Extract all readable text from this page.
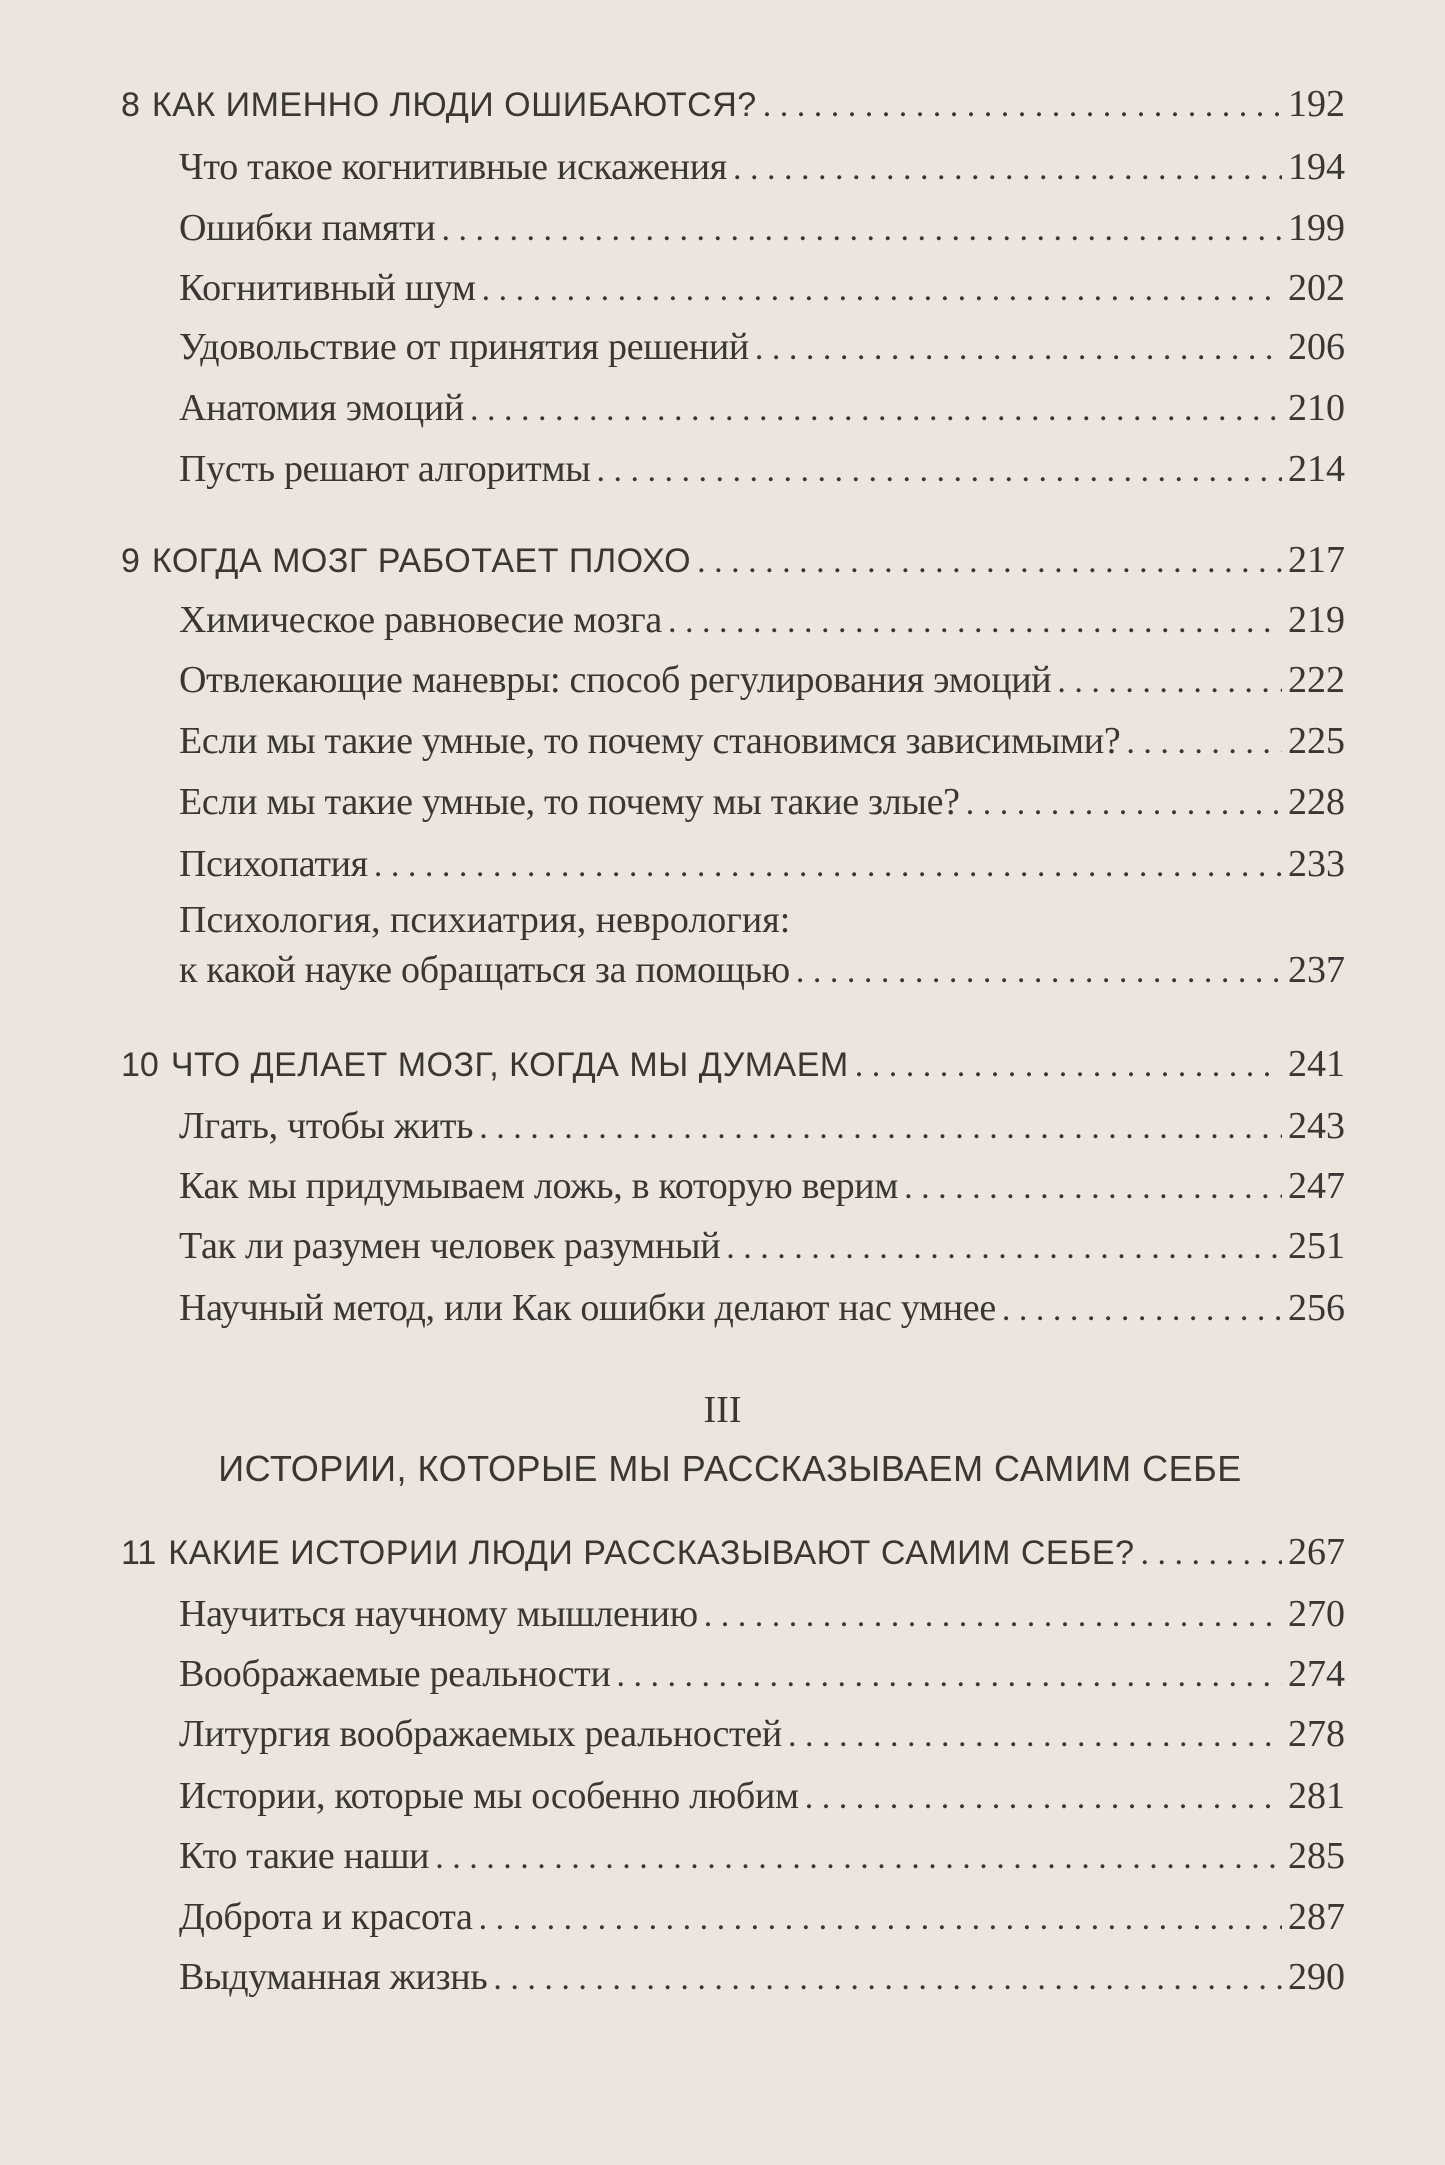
8 КАК ИМЕННО ЛЮДИ ОШИБАЮТСЯ? . . .	192
Что такое когнитивные искажения . . .	194
Ошибки памяти . . .	199
Когнитивный шум . . .	202
Удовольствие от принятия решений . . .	206
Анатомия эмоций . . .	210
Пусть решают алгоритмы . . .	214
9 КОГДА МОЗГ РАБОТАЕТ ПЛОХО . . .	217
Химическое равновесие мозга . . .	219
Отвлекающие маневры: способ регулирования эмоций . . .	222
Если мы такие умные, то почему становимся зависимыми? . . .	225
Если мы такие умные, то почему мы такие злые? . . .	228
Психопатия . . .	233
Психология, психиатрия, неврология:
к какой науке обращаться за помощью . . .	237
10 ЧТО ДЕЛАЕТ МОЗГ, КОГДА МЫ ДУМАЕМ . . .	241
Лгать, чтобы жить . . .	243
Как мы придумываем ложь, в которую верим . . .	247
Так ли разумен человек разумный . . .	251
Научный метод, или Как ошибки делают нас умнее . . .	256
11 КАКИЕ ИСТОРИИ ЛЮДИ РАССКАЗЫВАЮТ САМИМ СЕБЕ? . . .	267
Научиться научному мышлению . . .	270
Воображаемые реальности . . .	274
Литургия воображаемых реальностей . . .	278
Истории, которые мы особенно любим . . .	281
Кто такие наши . . .	285
Доброта и красота . . .	287
Выдуманная жизнь . . .	290
III
ИСТОРИИ, КОТОРЫЕ МЫ РАССКАЗЫВАЕМ САМИМ СЕБЕ
